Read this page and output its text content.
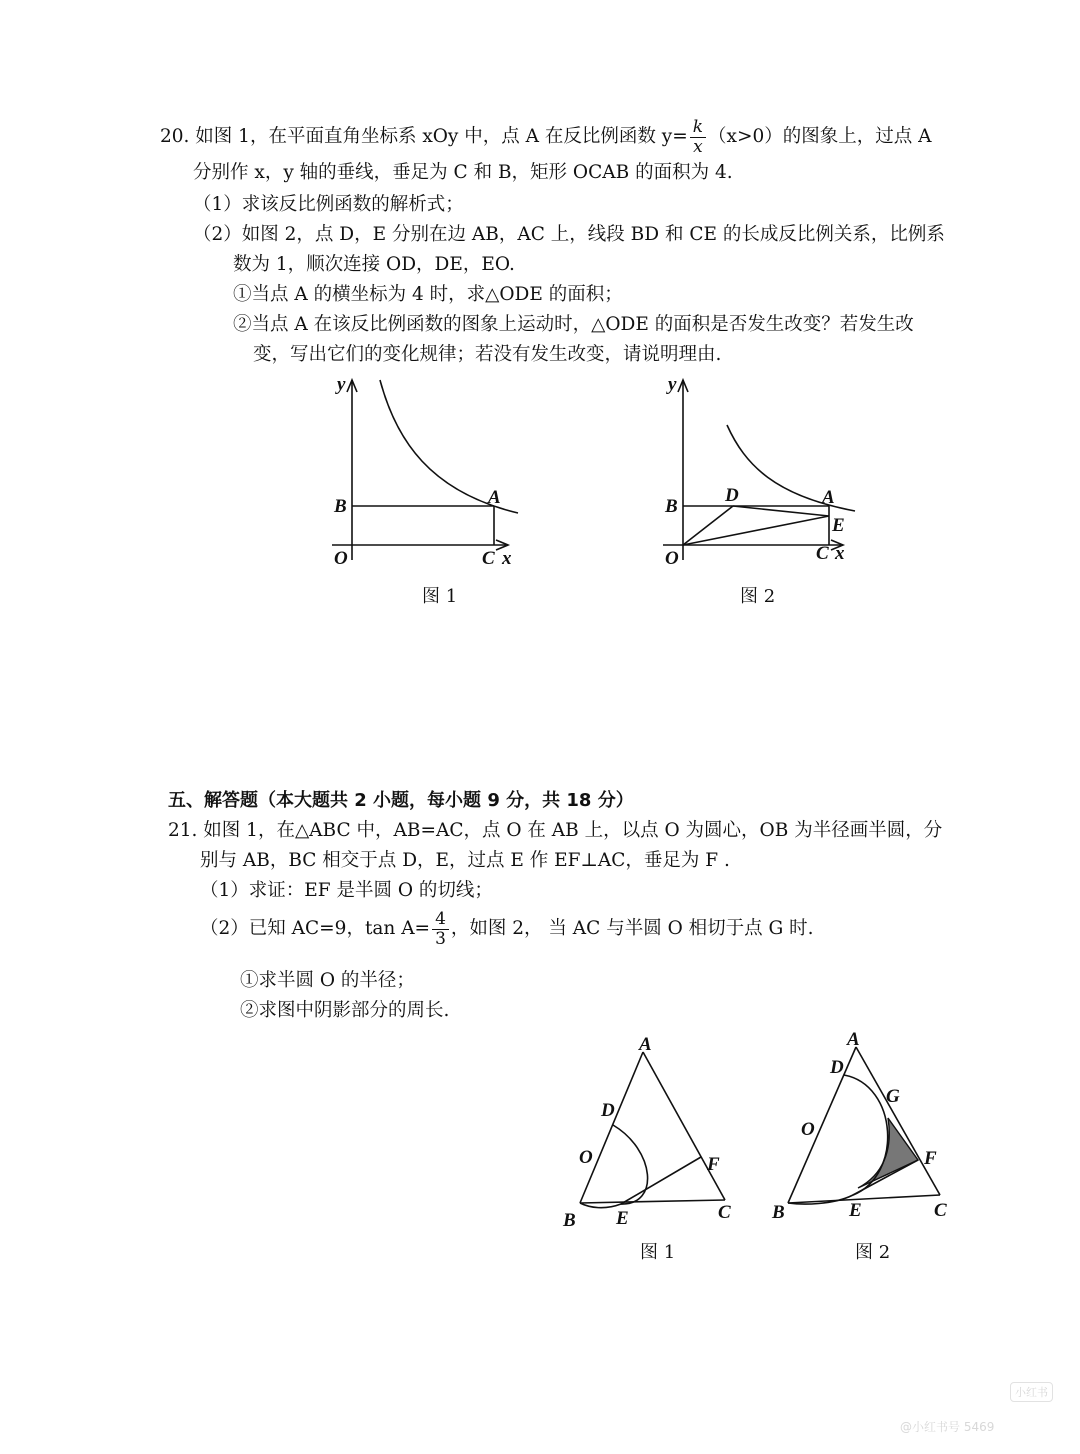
20. 如图 1，在平面直角坐标系 xOy 中，点 A 在反比例函数 $y= \frac{k}{x} (x>0)$的图象上，过点 A
分别作 x，y 轴的垂线，垂足为 C 和 B，矩形 OCAB 的面积为 4.
（1）求该反比例函数的解析式；
（2）如图 2，点 D，E 分别在边 AB，AC 上，线段 BD 和 CE 的长成反比例关系，比例系
数为 1，顺次连接 OD，DE，EO.
①当点 A 的横坐标为 4 时，求△ODE 的面积；
②当点 A 在该反比例函数的图象上运动时，△ODE 的面积是否发生改变？若发生改
变，写出它们的变化规律；若没有发生改变，请说明理由.
y
B	A
O	C x
图 1
y
B
D	A
E
O	C x
图 2
五、解答题（本大题共 2 小题，每小题 9 分，共 18 分）
21. 如图 1，在△ABC 中，AB=AC，点 O 在 AB 上，以点 O 为圆心，OB 为半径画半圆，分
别与 AB，BC 相交于点 D，E，过点 E 作 EF⊥AC，垂足为 F .
（1）求证：EF 是半圆 O 的切线；
（2）已知 AC=9，$\tan A= \frac{4}{3}$ ，如图 2， 当 AC 与半圆 O 相切于点 G 时.
①求半圆 O 的半径；
②求图中阴影部分的周长.
A
D
O	F
B E	C
图 1
A
D
G
O
F
B	E	C
图 2
小红书
@小红书号 5469
